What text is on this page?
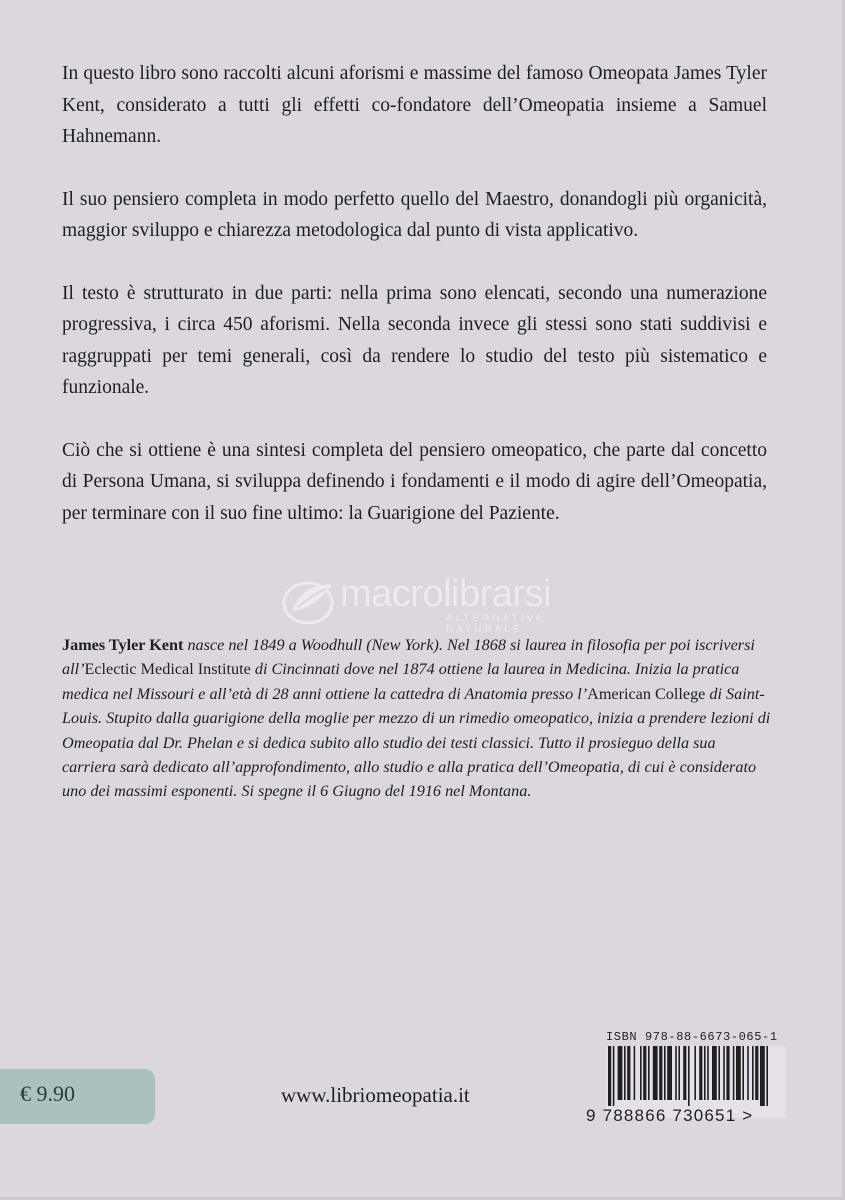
In questo libro sono raccolti alcuni aforismi e massime del famoso Omeopata James Tyler Kent, considerato a tutti gli effetti co-fondatore dell’Omeopatia insieme a Samuel Hahnemann.

Il suo pensiero completa in modo perfetto quello del Maestro, donandogli più organicità, maggior sviluppo e chiarezza metodologica dal punto di vista applicativo.

Il testo è strutturato in due parti: nella prima sono elencati, secondo una numerazione progressiva, i circa 450 aforismi. Nella seconda invece gli stessi sono stati suddivisi e raggruppati per temi generali, così da rendere lo studio del testo più sistematico e funzionale.

Ciò che si ottiene è una sintesi completa del pensiero omeopatico, che parte dal concetto di Persona Umana, si sviluppa definendo i fondamenti e il modo di agire dell’Omeopatia, per terminare con il suo fine ultimo: la Guarigione del Paziente.

macrolibrarsi
ALTERNATIVA NATURALE
James Tyler Kent nasce nel 1849 a Woodhull (New York). Nel 1868 si laurea in filosofia per poi iscriversi all’Eclectic Medical Institute di Cincinnati dove nel 1874 ottiene la laurea in Medicina. Inizia la pratica medica nel Missouri e all’età di 28 anni ottiene la cattedra di Anatomia presso l’American College di Saint-Louis. Stupito dalla guarigione della moglie per mezzo di un rimedio omeopatico, inizia a prendere lezioni di Omeopatia dal Dr. Phelan e si dedica subito allo studio dei testi classici. Tutto il prosieguo della sua carriera sarà dedicato all’approfondimento, allo studio e alla pratica dell’Omeopatia, di cui è considerato uno dei massimi esponenti. Si spegne il 6 Giugno del 1916 nel Montana.
ISBN 978-88-6673-065-1
9 788866 730651 >
€ 9.90	www.libriomeopatia.it
